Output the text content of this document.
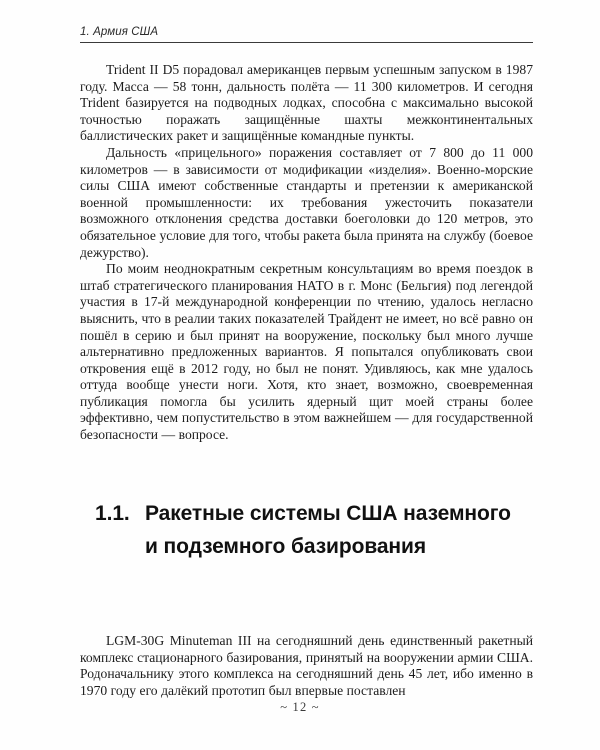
1. Армия США

Trident II D5 порадовал американцев первым успешным запуском в 1987 году. Масса — 58 тонн, дальность полёта — 11 300 километров. И сегодня Trident базируется на подводных лодках, способна с максимально высокой точностью поражать защищённые шахты межконтинентальных баллистических ракет и защищённые командные пункты.

Дальность «прицельного» поражения составляет от 7 800 до 11 000 километров — в зависимости от модификации «изделия». Военно-морские силы США имеют собственные стандарты и претензии к американской военной промышленности: их требования ужесточить показатели возможного отклонения средства доставки боеголовки до 120 метров, это обязательное условие для того, чтобы ракета была принята на службу (боевое дежурство).

По моим неоднократным секретным консультациям во время поездок в штаб стратегического планирования НАТО в г. Монс (Бельгия) под легендой участия в 17-й международной конференции по чтению, удалось негласно выяснить, что в реалии таких показателей Трайдент не имеет, но всё равно он пошёл в серию и был принят на вооружение, поскольку был много лучше альтернативно предложенных вариантов. Я попытался опубликовать свои откровения ещё в 2012 году, но был не понят. Удивляюсь, как мне удалось оттуда вообще унести ноги. Хотя, кто знает, возможно, своевременная публикация помогла бы усилить ядерный щит моей страны более эффективно, чем попустительство в этом важнейшем — для государственной безопасности — вопросе.

1.1. Ракетные системы США наземного и подземного базирования

LGM-30G Minuteman III на сегодняшний день единственный ракетный комплекс стационарного базирования, принятый на вооружении армии США. Родоначальнику этого комплекса на сегодняшний день 45 лет, ибо именно в 1970 году его далёкий прототип был впервые поставлен

~ 12 ~
